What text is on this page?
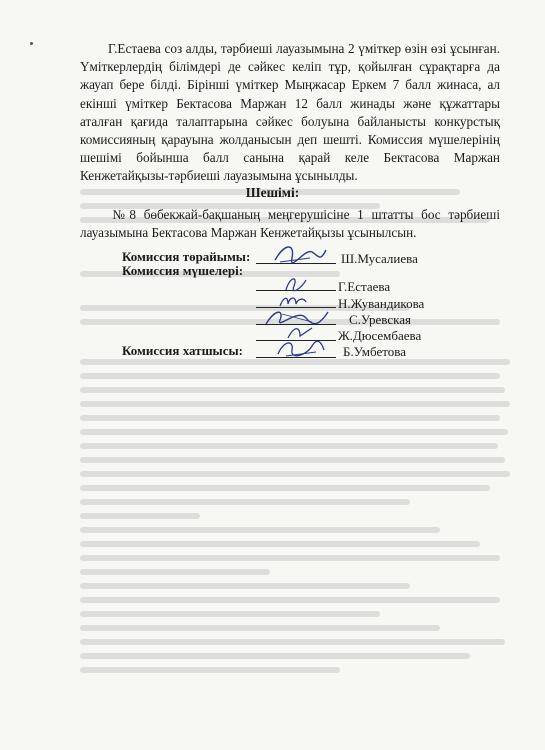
Г.Естаева соз алды, тәрбиеші лауазымына 2 үміткер өзін өзі ұсынған. Үміткерлердің білімдері де сәйкес келіп тұр, қойылған сұрақтарға да жауап бере білді. Бірінші үміткер Мыңжасар Еркем 7 балл жинаса, ал екінші үміткер Бектасова Маржан 12 балл жинады және құжаттары аталған қағида талаптарына сәйкес болуына байланысты конкурстық комиссияның қарауына жолданысын деп шешті. Комиссия мүшелерінің шешімі бойынша балл санына қарай келе Бектасова Маржан Кенжетайқызы-тәрбиеші лауазымына ұсынылды.

Шешімі:

№8 бөбекжай-бақшаның меңгерушісіне 1 штатты бос тәрбиеші лауазымына Бектасова Маржан Кенжетайқызы ұсынылсын.

Комиссия төрайымы:	Ш.Мусалиева
Комиссия мүшелері:
Г.Естаева
Н.Жувандикова
С.Уревская
Ж.Дюсембаева
Комиссия хатшысы:	Б.Умбетова
